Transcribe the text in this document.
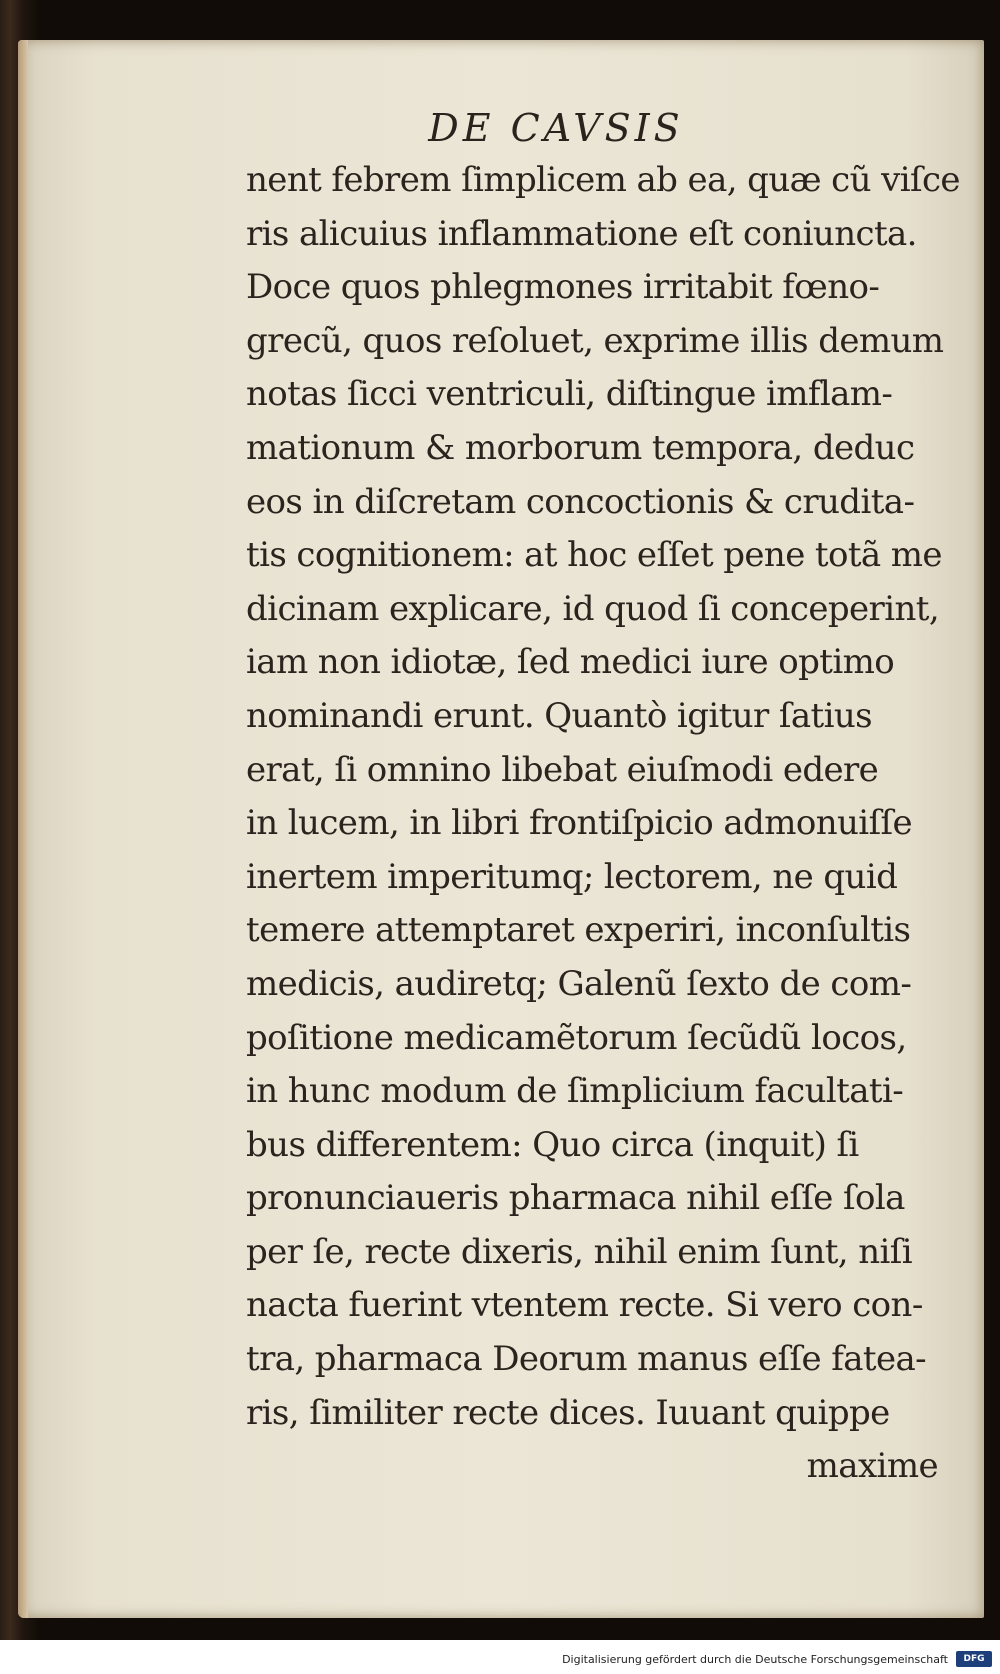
DE CAVSIS
nent febrem ſimplicem ab ea, quæ cũ viſce
ris alicuius inflammatione eſt coniuncta.
Doce quos phlegmones irritabit fœno-
grecũ, quos reſoluet, exprime illis demum
notas ſicci ventriculi, diſtingue imflam-
mationum & morborum tempora, deduc
eos in diſcretam concoctionis & crudita-
tis cognitionem: at hoc eſſet pene totã me
dicinam explicare, id quod ſi conceperint,
iam non idiotæ, ſed medici iure optimo
nominandi erunt. Quantò igitur ſatius
erat, ſi omnino libebat eiuſmodi edere
in lucem, in libri frontiſpicio admonuiſſe
inertem imperitumq; lectorem, ne quid
temere attemptaret experiri, inconſultis
medicis, audiretq; Galenũ ſexto de com-
poſitione medicamẽtorum ſecũdũ locos,
in hunc modum de ſimplicium facultati-
bus differentem: Quo circa (inquit) ſi
pronunciaueris pharmaca nihil eſſe ſola
per ſe, recte dixeris, nihil enim ſunt, niſi
nacta fuerint vtentem recte. Si vero con-
tra, pharmaca Deorum manus eſſe fatea-
ris, ſimiliter recte dices. Iuuant quippe
maxime
Digitalisierung gefördert durch die Deutsche Forschungsgemeinschaft	DFG
